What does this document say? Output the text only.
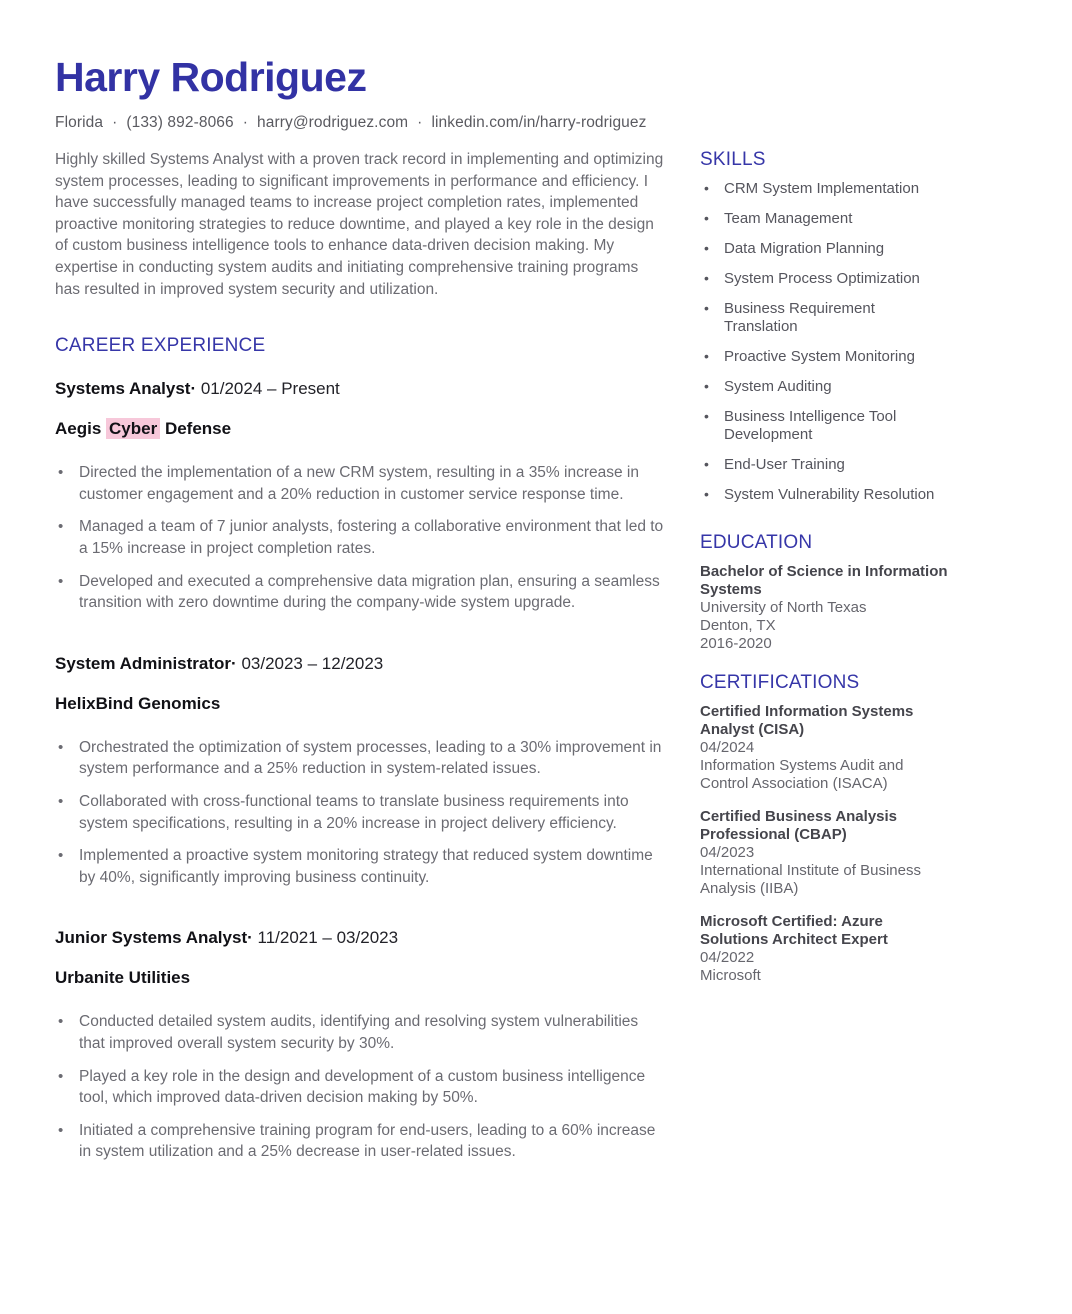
Harry Rodriguez
Florida · (133) 892-8066 · harry@rodriguez.com · linkedin.com/in/harry-rodriguez

Highly skilled Systems Analyst with a proven track record in implementing and optimizing system processes, leading to significant improvements in performance and efficiency. I have successfully managed teams to increase project completion rates, implemented proactive monitoring strategies to reduce downtime, and played a key role in the design of custom business intelligence tools to enhance data-driven decision making. My expertise in conducting system audits and initiating comprehensive training programs has resulted in improved system security and utilization.

CAREER EXPERIENCE
Systems Analyst· 01/2024 – Present
Aegis Cyber Defense
• Directed the implementation of a new CRM system, resulting in a 35% increase in customer engagement and a 20% reduction in customer service response time.
• Managed a team of 7 junior analysts, fostering a collaborative environment that led to a 15% increase in project completion rates.
• Developed and executed a comprehensive data migration plan, ensuring a seamless transition with zero downtime during the company-wide system upgrade.
System Administrator· 03/2023 – 12/2023
HelixBind Genomics
• Orchestrated the optimization of system processes, leading to a 30% improvement in system performance and a 25% reduction in system-related issues.
• Collaborated with cross-functional teams to translate business requirements into system specifications, resulting in a 20% increase in project delivery efficiency.
• Implemented a proactive system monitoring strategy that reduced system downtime by 40%, significantly improving business continuity.
Junior Systems Analyst· 11/2021 – 03/2023
Urbanite Utilities
• Conducted detailed system audits, identifying and resolving system vulnerabilities that improved overall system security by 30%.
• Played a key role in the design and development of a custom business intelligence tool, which improved data-driven decision making by 50%.
• Initiated a comprehensive training program for end-users, leading to a 60% increase in system utilization and a 25% decrease in user-related issues.
SKILLS
• CRM System Implementation
• Team Management
• Data Migration Planning
• System Process Optimization
• Business Requirement Translation
• Proactive System Monitoring
• System Auditing
• Business Intelligence Tool Development
• End-User Training
• System Vulnerability Resolution
EDUCATION
Bachelor of Science in Information Systems
University of North Texas
Denton, TX
2016-2020
CERTIFICATIONS
Certified Information Systems Analyst (CISA)
04/2024
Information Systems Audit and Control Association (ISACA)
Certified Business Analysis Professional (CBAP)
04/2023
International Institute of Business Analysis (IIBA)
Microsoft Certified: Azure Solutions Architect Expert
04/2022
Microsoft
